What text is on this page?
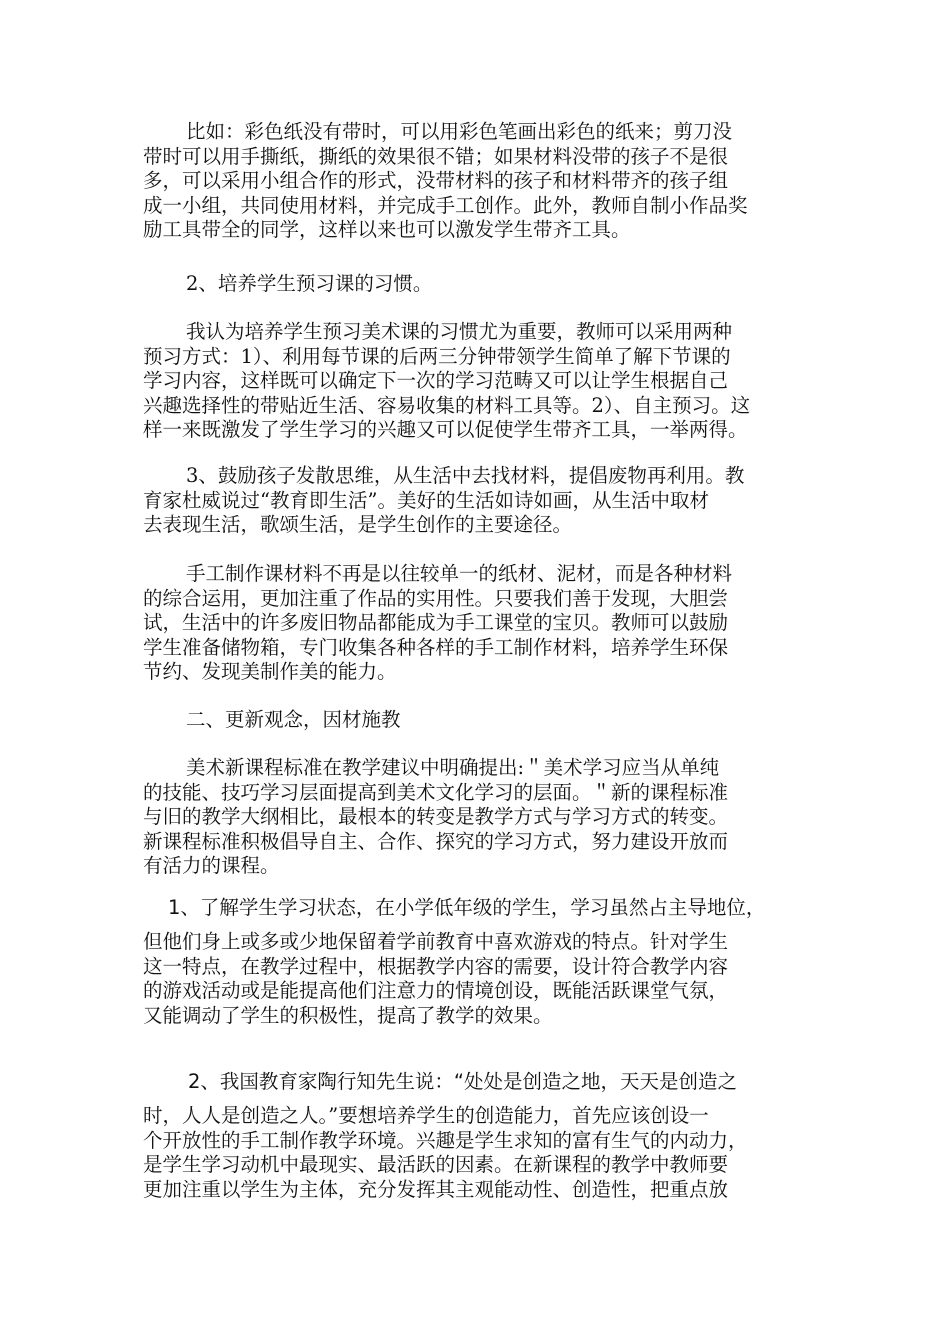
比如：彩色纸没有带时，可以用彩色笔画出彩色的纸来；剪刀没
带时可以用手撕纸，撕纸的效果很不错；如果材料没带的孩子不是很
多，可以采用小组合作的形式，没带材料的孩子和材料带齐的孩子组
成一小组，共同使用材料，并完成手工创作。此外，教师自制小作品奖
励工具带全的同学，这样以来也可以激发学生带齐工具。
2、培养学生预习课的习惯。
我认为培养学生预习美术课的习惯尤为重要，教师可以采用两种
预习方式：1）、利用每节课的后两三分钟带领学生简单了解下节课的
学习内容，这样既可以确定下一次的学习范畴又可以让学生根据自己
兴趣选择性的带贴近生活、容易收集的材料工具等。2）、自主预习。这
样一来既激发了学生学习的兴趣又可以促使学生带齐工具，一举两得。
3、鼓励孩子发散思维，从生活中去找材料，提倡废物再利用。教
育家杜威说过“教育即生活”。美好的生活如诗如画，从生活中取材
去表现生活，歌颂生活，是学生创作的主要途径。
手工制作课材料不再是以往较单一的纸材、泥材，而是各种材料
的综合运用，更加注重了作品的实用性。只要我们善于发现，大胆尝
试，生活中的许多废旧物品都能成为手工课堂的宝贝。教师可以鼓励
学生准备储物箱，专门收集各种各样的手工制作材料，培养学生环保
节约、发现美制作美的能力。
二、更新观念，因材施教
美术新课程标准在教学建议中明确提出:＂美术学习应当从单纯
的技能、技巧学习层面提高到美术文化学习的层面。＂新的课程标准
与旧的教学大纲相比，最根本的转变是教学方式与学习方式的转变。
新课程标准积极倡导自主、合作、探究的学习方式，努力建设开放而
有活力的课程。
1、了解学生学习状态，在小学低年级的学生，学习虽然占主导地位，
但他们身上或多或少地保留着学前教育中喜欢游戏的特点。针对学生
这一特点，在教学过程中，根据教学内容的需要，设计符合教学内容
的游戏活动或是能提高他们注意力的情境创设，既能活跃课堂气氛，
又能调动了学生的积极性，提高了教学的效果。
2、我国教育家陶行知先生说：“处处是创造之地，天天是创造之
时，人人是创造之人。”要想培养学生的创造能力，首先应该创设一
个开放性的手工制作教学环境。兴趣是学生求知的富有生气的内动力，
是学生学习动机中最现实、最活跃的因素。在新课程的教学中教师要
更加注重以学生为主体，充分发挥其主观能动性、创造性，把重点放
